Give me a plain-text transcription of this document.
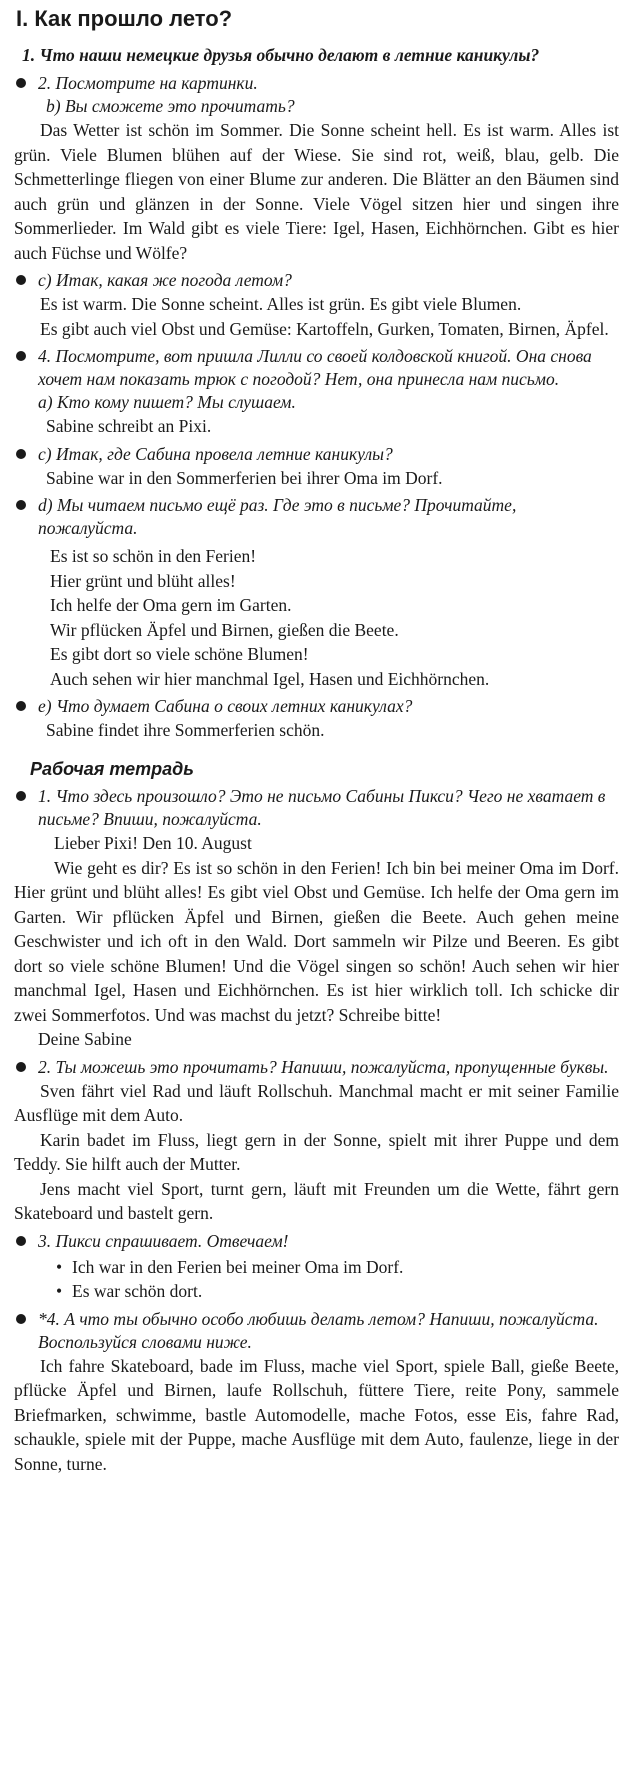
I. Как прошло лето?
1. Что наши немецкие друзья обычно делают в летние каникулы?
2. Посмотрите на картинки.
b) Вы сможете это прочитать?

Das Wetter ist schön im Sommer. Die Sonne scheint hell. Es ist warm. Alles ist grün. Viele Blumen blühen auf der Wiese. Sie sind rot, weiß, blau, gelb. Die Schmetterlinge fliegen von einer Blume zur anderen. Die Blätter an den Bäumen sind auch grün und glänzen in der Sonne. Viele Vögel sitzen hier und singen ihre Sommerlieder. Im Wald gibt es viele Tiere: Igel, Hasen, Eichhörnchen. Gibt es hier auch Füchse und Wölfe?

с) Итак, какая же погода летом?

Es ist warm. Die Sonne scheint. Alles ist grün. Es gibt viele Blumen.

Es gibt auch viel Obst und Gemüse: Kartoffeln, Gurken, Tomaten, Birnen, Äpfel.

4. Посмотрите, вот пришла Лилли со своей колдовской книгой. Она снова хочет нам показать трюк с погодой? Нет, она принесла нам письмо.
a) Кто кому пишет? Мы слушаем.

Sabine schreibt an Pixi.

с) Итак, где Сабина провела летние каникулы?

Sabine war in den Sommerferien bei ihrer Oma im Dorf.

d) Мы читаем письмо ещё раз. Где это в письме? Прочитайте, пожалуйста.

Es ist so schön in den Ferien!

Hier grünt und blüht alles!

Ich helfe der Oma gern im Garten.

Wir pflücken Äpfel und Birnen, gießen die Beete.

Es gibt dort so viele schöne Blumen!

Auch sehen wir hier manchmal Igel, Hasen und Eichhörnchen.

e) Что думает Сабина о своих летних каникулах?

Sabine findet ihre Sommerferien schön.

Рабочая тетрадь
1. Что здесь произошло? Это не письмо Сабины Пикси? Чего не хватает в письме? Впиши, пожалуйста.

Lieber Pixi! Den 10. August

Wie geht es dir? Es ist so schön in den Ferien! Ich bin bei meiner Oma im Dorf. Hier grünt und blüht alles! Es gibt viel Obst und Gemüse. Ich helfe der Oma gern im Garten. Wir pflücken Äpfel und Birnen, gießen die Beete. Auch gehen meine Geschwister und ich oft in den Wald. Dort sammeln wir Pilze und Beeren. Es gibt dort so viele schöne Blumen! Und die Vögel singen so schön! Auch sehen wir hier manchmal Igel, Hasen und Eichhörnchen. Es ist hier wirklich toll. Ich schicke dir zwei Sommerfotos. Und was machst du jetzt? Schreibe bitte!

Deine Sabine

2. Ты можешь это прочитать? Напиши, пожалуйста, пропущенные буквы.

Sven fährt viel Rad und läuft Rollschuh. Manchmal macht er mit seiner Familie Ausflüge mit dem Auto.

Karin badet im Fluss, liegt gern in der Sonne, spielt mit ihrer Puppe und dem Teddy. Sie hilft auch der Mutter.

Jens macht viel Sport, turnt gern, läuft mit Freunden um die Wette, fährt gern Skateboard und bastelt gern.

3. Пикси спрашивает. Отвечаем!
• Ich war in den Ferien bei meiner Oma im Dorf.
• Es war schön dort.
*4. А что ты обычно особо любишь делать летом? Напиши, пожалуйста. Воспользуйся словами ниже.

Ich fahre Skateboard, bade im Fluss, mache viel Sport, spiele Ball, gieße Beete, pflücke Äpfel und Birnen, laufe Rollschuh, füttere Tiere, reite Pony, sammele Briefmarken, schwimme, bastle Automodelle, mache Fotos, esse Eis, fahre Rad, schaukle, spiele mit der Puppe, mache Ausflüge mit dem Auto, faulenze, liege in der Sonne, turne.
